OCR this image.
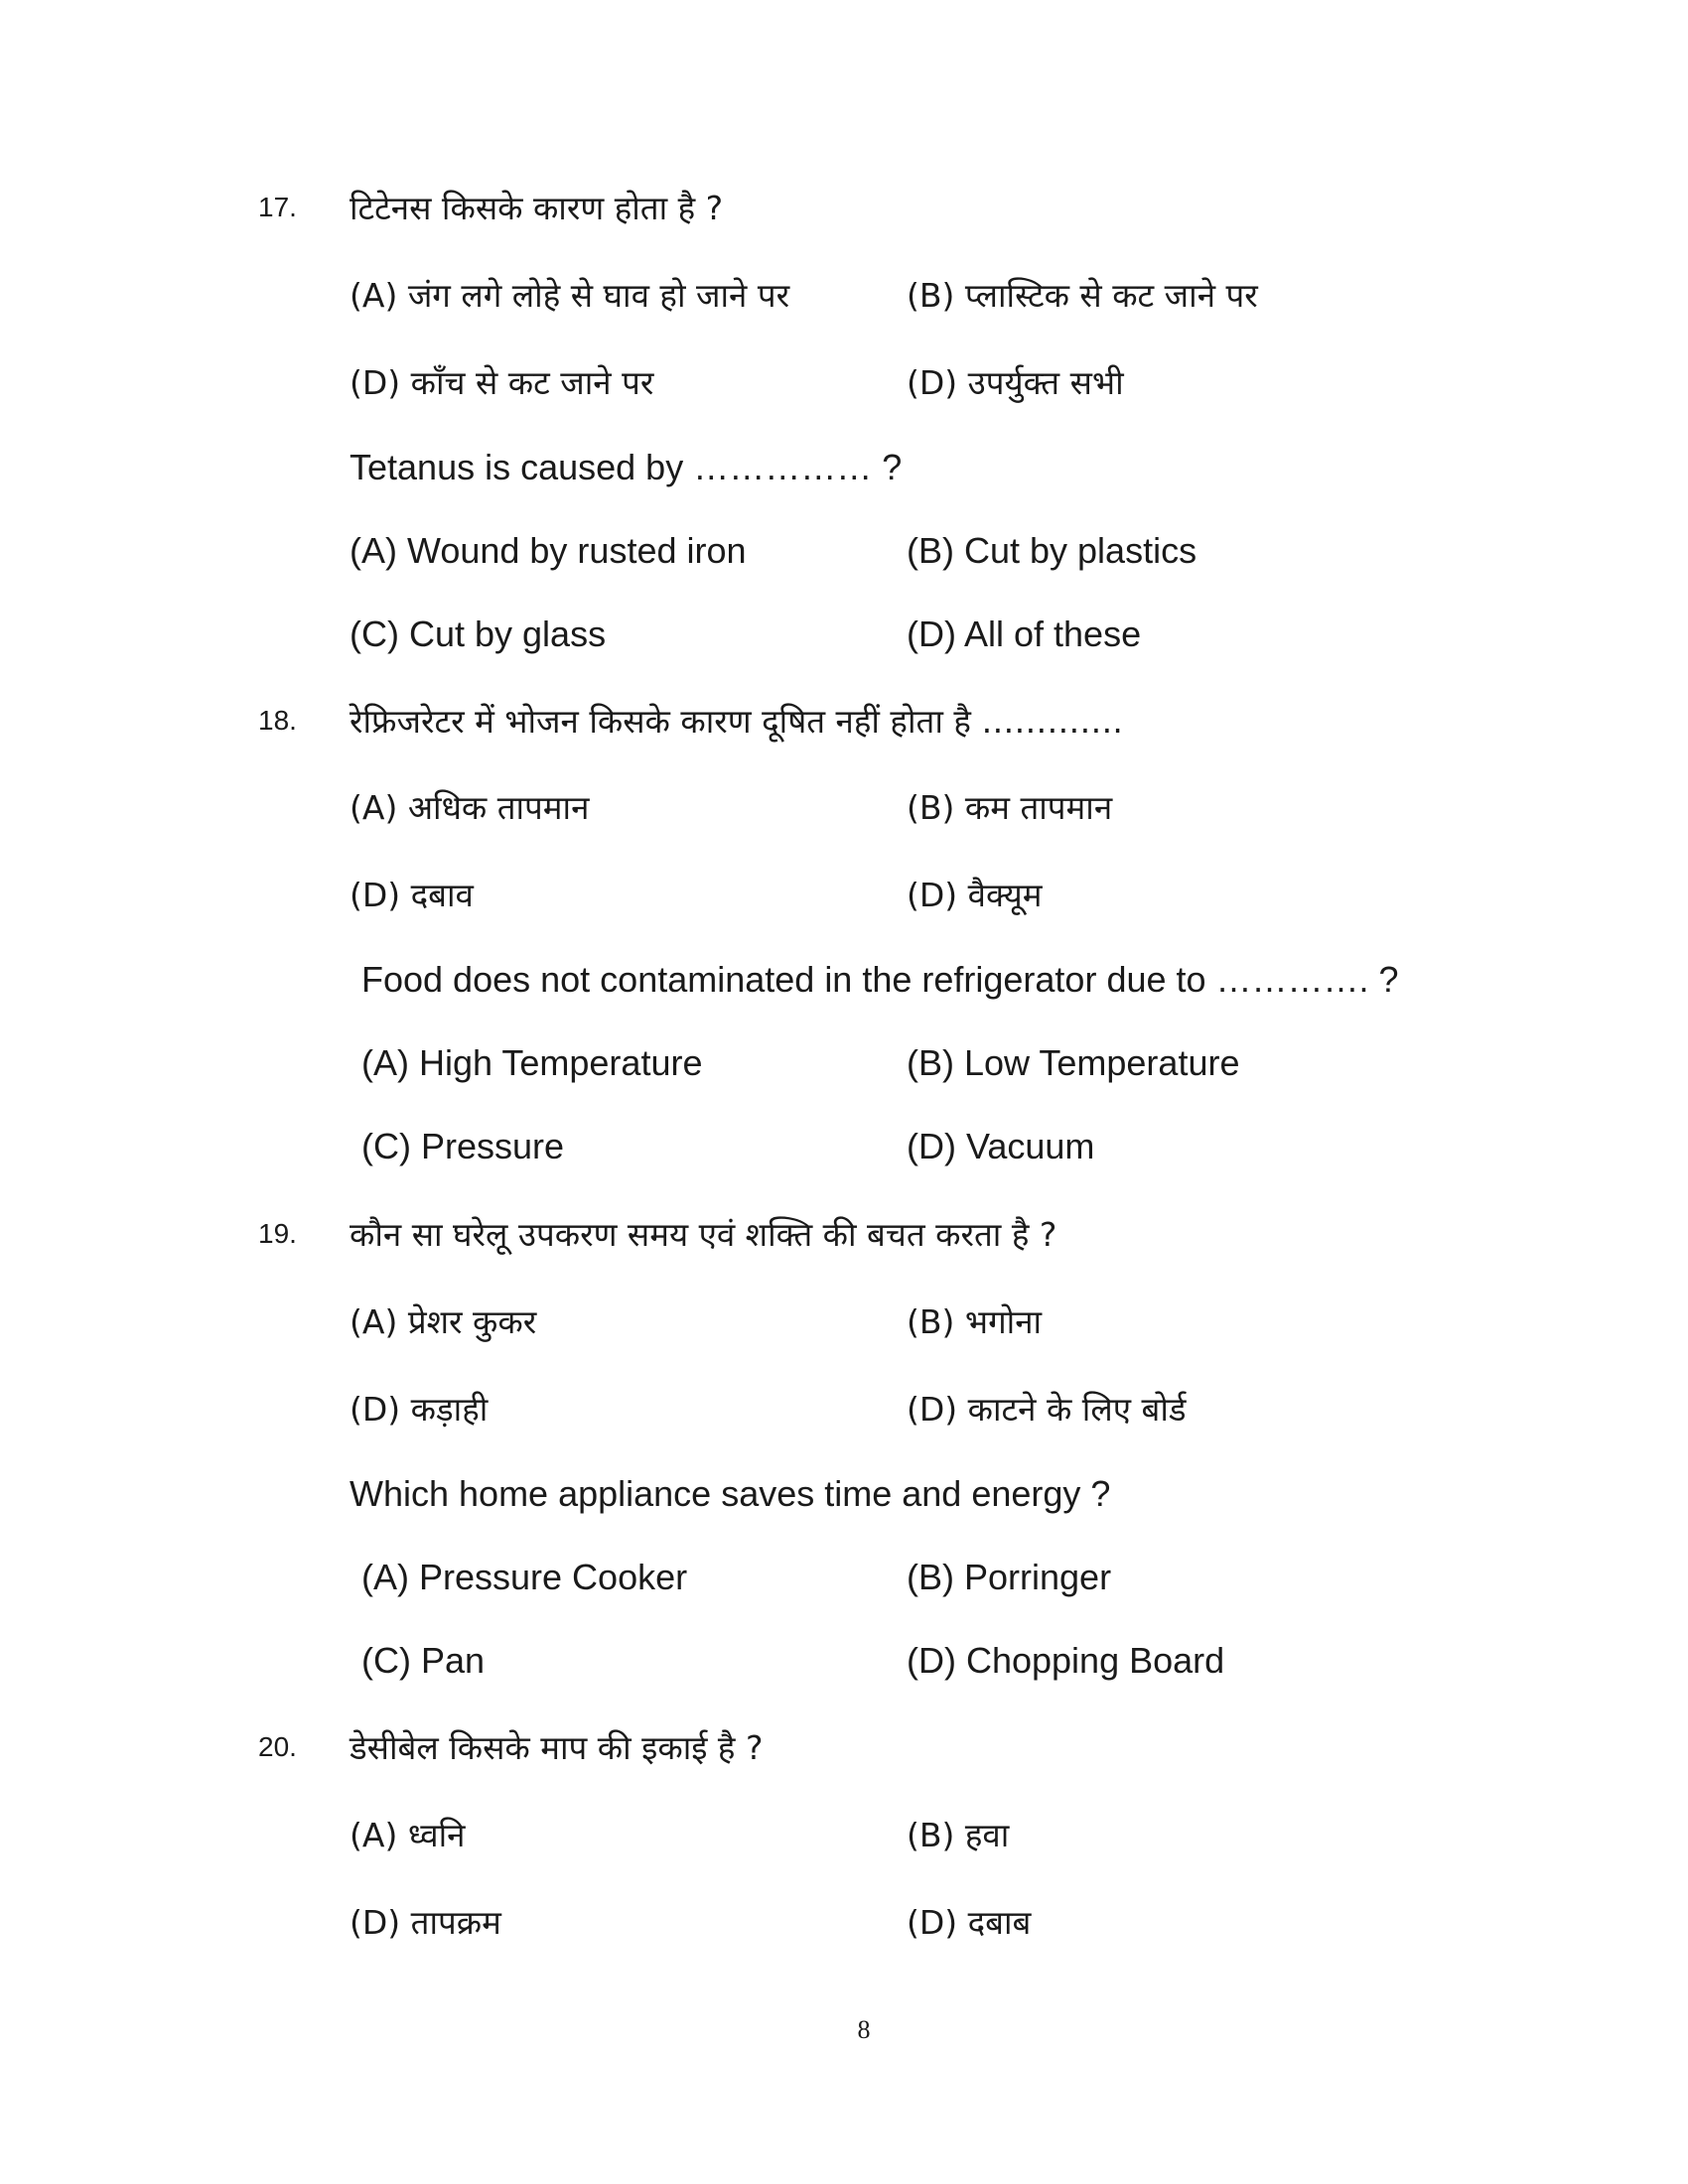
17. टिटेनस किसके कारण होता है ?
(A) जंग लगे लोहे से घाव हो जाने पर	(B) प्लास्टिक से कट जाने पर
(D) काँच से कट जाने पर	(D) उपर्युक्त सभी
Tetanus is caused by …………… ?
(A) Wound by rusted iron	(B) Cut by plastics
(C) Cut by glass	(D) All of these
18. रेफ्रिजरेटर में भोजन किसके कारण दूषित नहीं होता है ………….
(A) अधिक तापमान	(B) कम तापमान
(D) दबाव	(D) वैक्यूम
Food does not contaminated in the refrigerator due to …………. ?
(A) High Temperature	(B) Low Temperature
(C) Pressure	(D) Vacuum
19. कौन सा घरेलू उपकरण समय एवं शक्ति की बचत करता है ?
(A) प्रेशर कुकर	(B) भगोना
(D) कड़ाही	(D) काटने के लिए बोर्ड
Which home appliance saves time and energy ?
(A) Pressure Cooker	(B) Porringer
(C) Pan	(D) Chopping Board
20. डेसीबेल किसके माप की इकाई है ?
(A) ध्वनि	(B) हवा
(D) तापक्रम	(D) दबाब
8
